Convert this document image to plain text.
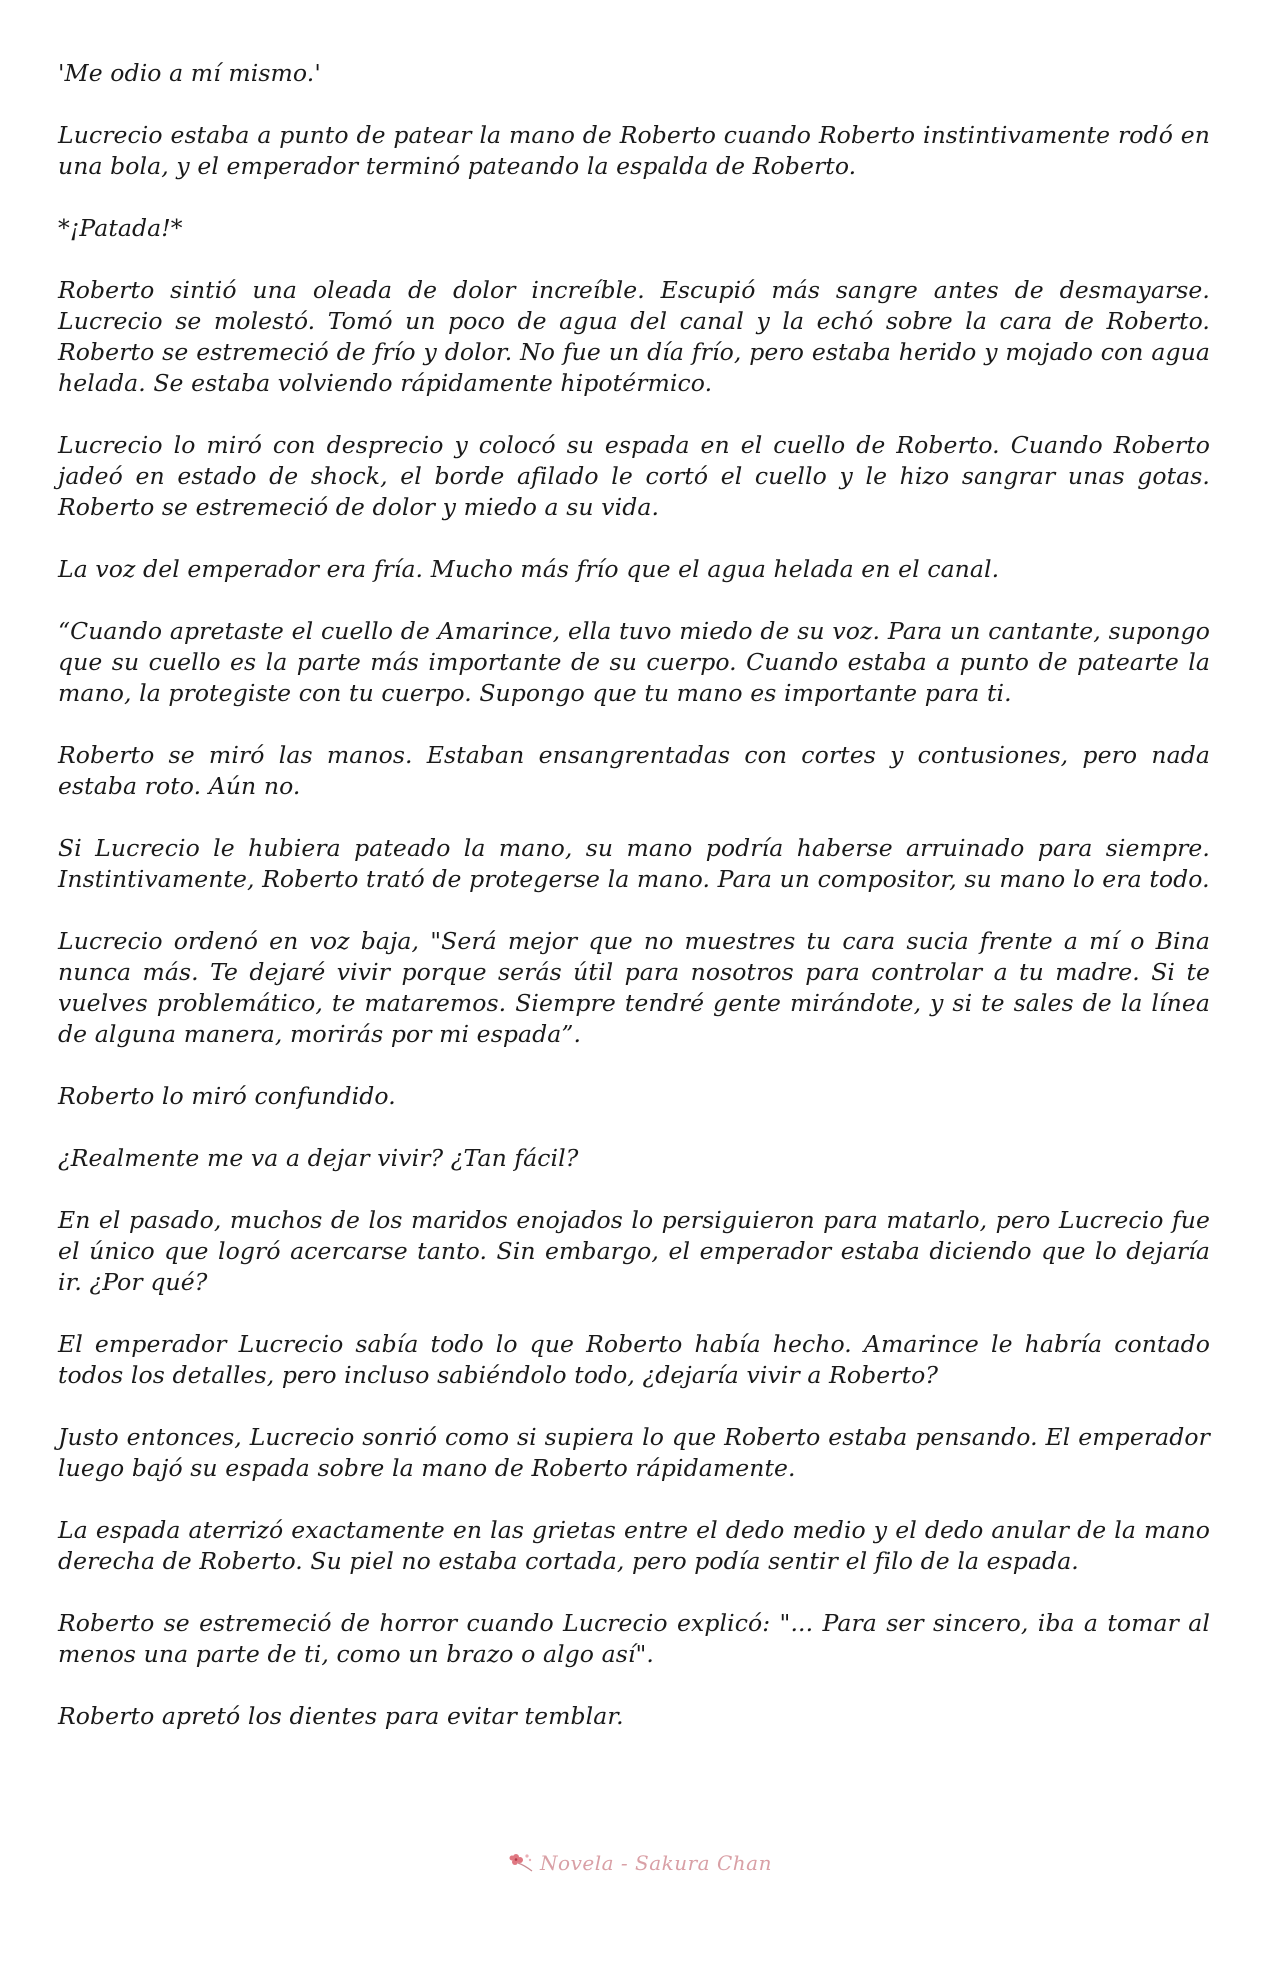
'Me odio a mí mismo.'

Lucrecio estaba a punto de patear la mano de Roberto cuando Roberto instintivamente rodó en una bola, y el emperador terminó pateando la espalda de Roberto.

*¡Patada!*

Roberto sintió una oleada de dolor increíble. Escupió más sangre antes de desmayarse. Lucrecio se molestó. Tomó un poco de agua del canal y la echó sobre la cara de Roberto. Roberto se estremeció de frío y dolor. No fue un día frío, pero estaba herido y mojado con agua helada. Se estaba volviendo rápidamente hipotérmico.

Lucrecio lo miró con desprecio y colocó su espada en el cuello de Roberto. Cuando Roberto jadeó en estado de shock, el borde afilado le cortó el cuello y le hizo sangrar unas gotas. Roberto se estremeció de dolor y miedo a su vida.

La voz del emperador era fría. Mucho más frío que el agua helada en el canal.

“Cuando apretaste el cuello de Amarince, ella tuvo miedo de su voz. Para un cantante, supongo que su cuello es la parte más importante de su cuerpo. Cuando estaba a punto de patearte la mano, la protegiste con tu cuerpo. Supongo que tu mano es importante para ti.

Roberto se miró las manos. Estaban ensangrentadas con cortes y contusiones, pero nada estaba roto. Aún no.

Si Lucrecio le hubiera pateado la mano, su mano podría haberse arruinado para siempre. Instintivamente, Roberto trató de protegerse la mano. Para un compositor, su mano lo era todo.

Lucrecio ordenó en voz baja, "Será mejor que no muestres tu cara sucia frente a mí o Bina nunca más. Te dejaré vivir porque serás útil para nosotros para controlar a tu madre. Si te vuelves problemático, te mataremos. Siempre tendré gente mirándote, y si te sales de la línea de alguna manera, morirás por mi espada”.

Roberto lo miró confundido.

¿Realmente me va a dejar vivir? ¿Tan fácil?

En el pasado, muchos de los maridos enojados lo persiguieron para matarlo, pero Lucrecio fue el único que logró acercarse tanto. Sin embargo, el emperador estaba diciendo que lo dejaría ir. ¿Por qué?

El emperador Lucrecio sabía todo lo que Roberto había hecho. Amarince le habría contado todos los detalles, pero incluso sabiéndolo todo, ¿dejaría vivir a Roberto?

Justo entonces, Lucrecio sonrió como si supiera lo que Roberto estaba pensando. El emperador luego bajó su espada sobre la mano de Roberto rápidamente.

La espada aterrizó exactamente en las grietas entre el dedo medio y el dedo anular de la mano derecha de Roberto. Su piel no estaba cortada, pero podía sentir el filo de la espada.

Roberto se estremeció de horror cuando Lucrecio explicó: "... Para ser sincero, iba a tomar al menos una parte de ti, como un brazo o algo así".

Roberto apretó los dientes para evitar temblar.

Novela - Sakura Chan
